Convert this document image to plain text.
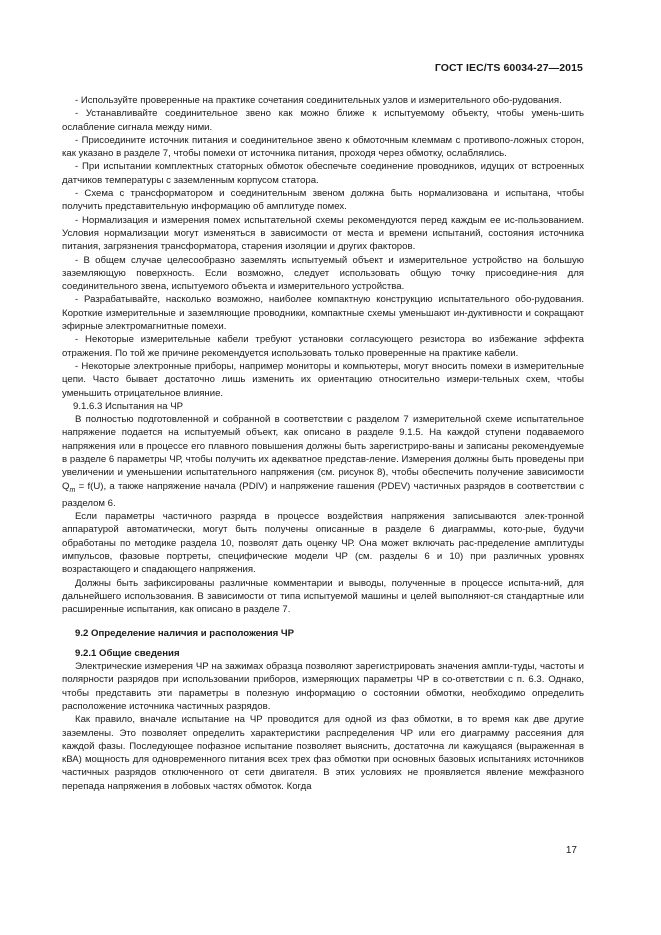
ГОСТ IEC/TS 60034-27—2015

- Используйте проверенные на практике сочетания соединительных узлов и измерительного обо-рудования.

- Устанавливайте соединительное звено как можно ближе к испытуемому объекту, чтобы умень-шить ослабление сигнала между ними.

- Присоедините источник питания и соединительное звено к обмоточным клеммам с противопо-ложных сторон, как указано в разделе 7, чтобы помехи от источника питания, проходя через обмотку, ослаблялись.

- При испытании комплектных статорных обмоток обеспечьте соединение проводников, идущих от встроенных датчиков температуры с заземленным корпусом статора.

- Схема с трансформатором и соединительным звеном должна быть нормализована и испытана, чтобы получить представительную информацию об амплитуде помех.

- Нормализация и измерения помех испытательной схемы рекомендуются перед каждым ее ис-пользованием. Условия нормализации могут изменяться в зависимости от места и времени испытаний, состояния источника питания, загрязнения трансформатора, старения изоляции и других факторов.

- В общем случае целесообразно заземлять испытуемый объект и измерительное устройство на большую заземляющую поверхность. Если возможно, следует использовать общую точку присоедине-ния для соединительного звена, испытуемого объекта и измерительного устройства.

- Разрабатывайте, насколько возможно, наиболее компактную конструкцию испытательного обо-рудования. Короткие измерительные и заземляющие проводники, компактные схемы уменьшают ин-дуктивности и сокращают эфирные электромагнитные помехи.

- Некоторые измерительные кабели требуют установки согласующего резистора во избежание эффекта отражения. По той же причине рекомендуется использовать только проверенные на практике кабели.

- Некоторые электронные приборы, например мониторы и компьютеры, могут вносить помехи в измерительные цепи. Часто бывает достаточно лишь изменить их ориентацию относительно измери-тельных схем, чтобы уменьшить отрицательное влияние.

9.1.6.3 Испытания на ЧР

В полностью подготовленной и собранной в соответствии с разделом 7 измерительной схеме испытательное напряжение подается на испытуемый объект, как описано в разделе 9.1.5. На каждой ступени подаваемого напряжения или в процессе его плавного повышения должны быть зарегистриро-ваны и записаны рекомендуемые в разделе 6 параметры ЧР, чтобы получить их адекватное представ-ление. Измерения должны быть проведены при увеличении и уменьшении испытательного напряжения (см. рисунок 8), чтобы обеспечить получение зависимости $Q_m = f(U)$, а также напряжение начала (PDIV) и напряжение гашения (PDEV) частичных разрядов в соответствии с разделом 6.

Если параметры частичного разряда в процессе воздействия напряжения записываются элек-тронной аппаратурой автоматически, могут быть получены описанные в разделе 6 диаграммы, кото-рые, будучи обработаны по методике раздела 10, позволят дать оценку ЧР. Она может включать рас-пределение амплитуды импульсов, фазовые портреты, специфические модели ЧР (см. разделы 6 и 10) при различных уровнях возрастающего и спадающего напряжения.

Должны быть зафиксированы различные комментарии и выводы, полученные в процессе испыта-ний, для дальнейшего использования. В зависимости от типа испытуемой машины и целей выполняют-ся стандартные или расширенные испытания, как описано в разделе 7.

9.2 Определение наличия и расположения ЧР

9.2.1 Общие сведения

Электрические измерения ЧР на зажимах образца позволяют зарегистрировать значения ампли-туды, частоты и полярности разрядов при использовании приборов, измеряющих параметры ЧР в со-ответствии с п. 6.3. Однако, чтобы представить эти параметры в полезную информацию о состоянии обмотки, необходимо определить расположение источника частичных разрядов.

Как правило, вначале испытание на ЧР проводится для одной из фаз обмотки, в то время как две другие заземлены. Это позволяет определить характеристики распределения ЧР или его диаграмму рассеяния для каждой фазы. Последующее пофазное испытание позволяет выяснить, достаточна ли кажущаяся (выраженная в кВА) мощность для одновременного питания всех трех фаз обмотки при основных базовых испытаниях источников частичных разрядов отключенного от сети двигателя. В этих условиях не проявляется явление межфазного перепада напряжения в лобовых частях обмоток. Когда

17
